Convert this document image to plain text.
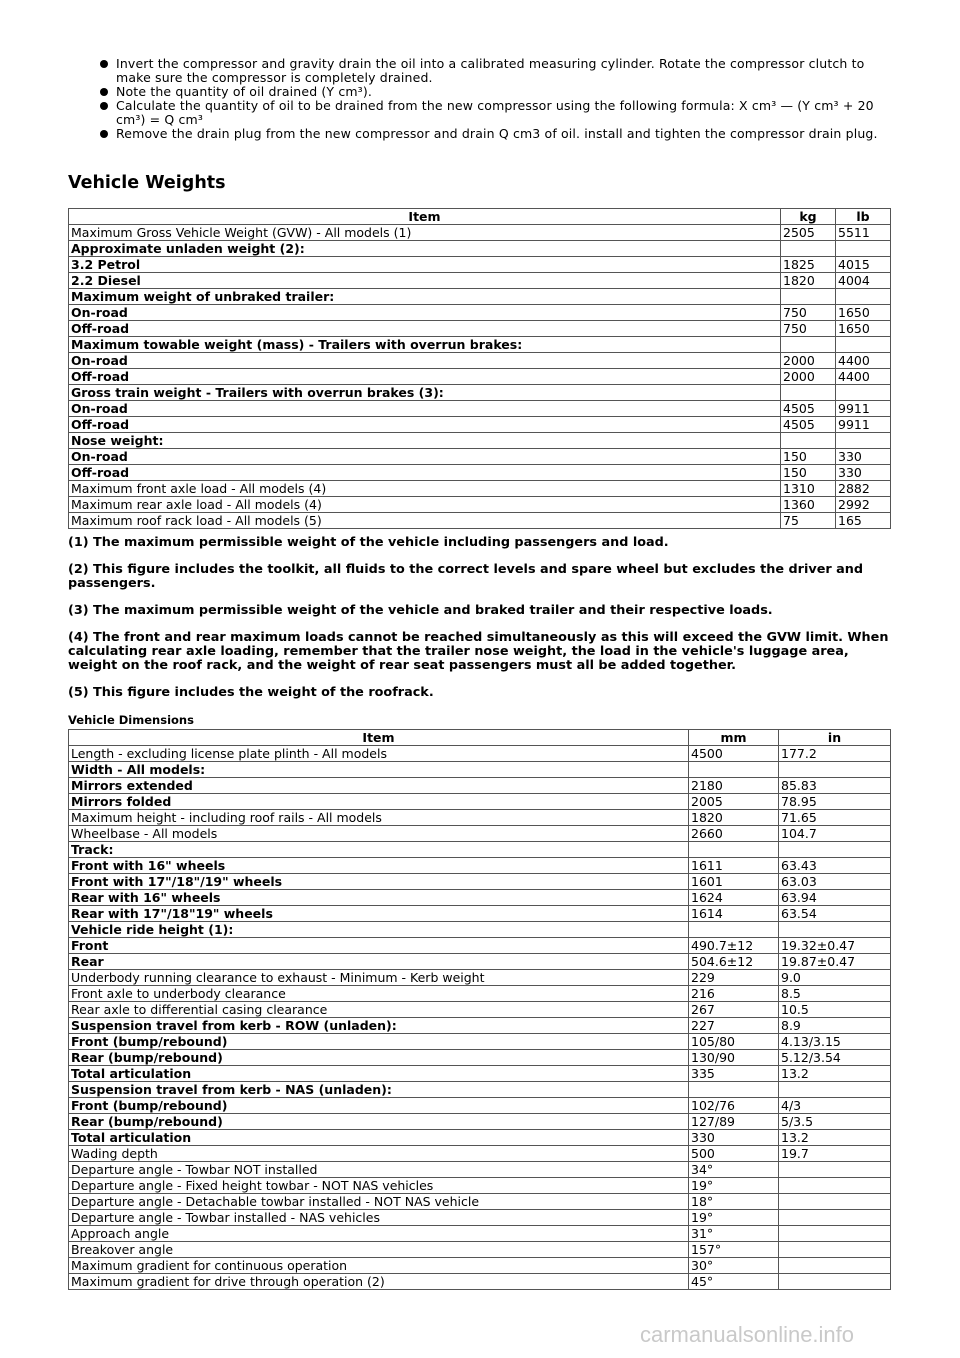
Invert the compressor and gravity drain the oil into a calibrated measuring cylinder. Rotate the compressor clutch to make sure the compressor is completely drained.
Note the quantity of oil drained (Y cm³).
Calculate the quantity of oil to be drained from the new compressor using the following formula: X cm³ — (Y cm³ + 20 cm³) = Q cm³
Remove the drain plug from the new compressor and drain Q cm3 of oil. install and tighten the compressor drain plug.
Vehicle Weights
Item	kg	lb
Maximum Gross Vehicle Weight (GVW) - All models (1)	2505	5511
Approximate unladen weight (2):		
3.2 Petrol	1825	4015
2.2 Diesel	1820	4004
Maximum weight of unbraked trailer:		
On-road	750	1650
Off-road	750	1650
Maximum towable weight (mass) - Trailers with overrun brakes:		
On-road	2000	4400
Off-road	2000	4400
Gross train weight - Trailers with overrun brakes (3):		
On-road	4505	9911
Off-road	4505	9911
Nose weight:		
On-road	150	330
Off-road	150	330
Maximum front axle load - All models (4)	1310	2882
Maximum rear axle load - All models (4)	1360	2992
Maximum roof rack load - All models (5)	75	165

(1) The maximum permissible weight of the vehicle including passengers and load.

(2) This figure includes the toolkit, all fluids to the correct levels and spare wheel but excludes the driver and passengers.

(3) The maximum permissible weight of the vehicle and braked trailer and their respective loads.

(4) The front and rear maximum loads cannot be reached simultaneously as this will exceed the GVW limit. When calculating rear axle loading, remember that the trailer nose weight, the load in the vehicle's luggage area, weight on the roof rack, and the weight of rear seat passengers must all be added together.

(5) This figure includes the weight of the roofrack.

Vehicle Dimensions
Item	mm	in
Length - excluding license plate plinth - All models	4500	177.2
Width - All models:		
Mirrors extended	2180	85.83
Mirrors folded	2005	78.95
Maximum height - including roof rails - All models	1820	71.65
Wheelbase - All models	2660	104.7
Track:		
Front with 16" wheels	1611	63.43
Front with 17"/18"/19" wheels	1601	63.03
Rear with 16" wheels	1624	63.94
Rear with 17"/18"19" wheels	1614	63.54
Vehicle ride height (1):		
Front	490.7±12	19.32±0.47
Rear	504.6±12	19.87±0.47
Underbody running clearance to exhaust - Minimum - Kerb weight	229	9.0
Front axle to underbody clearance	216	8.5
Rear axle to differential casing clearance	267	10.5
Suspension travel from kerb - ROW (unladen):	227	8.9
Front (bump/rebound)	105/80	4.13/3.15
Rear (bump/rebound)	130/90	5.12/3.54
Total articulation	335	13.2
Suspension travel from kerb - NAS (unladen):		
Front (bump/rebound)	102/76	4/3
Rear (bump/rebound)	127/89	5/3.5
Total articulation	330	13.2
Wading depth	500	19.7
Departure angle - Towbar NOT installed	34°	
Departure angle - Fixed height towbar - NOT NAS vehicles	19°	
Departure angle - Detachable towbar installed - NOT NAS vehicle	18°	
Departure angle - Towbar installed - NAS vehicles	19°	
Approach angle	31°	
Breakover angle	157°	
Maximum gradient for continuous operation	30°	
Maximum gradient for drive through operation (2)	45°	
carmanualsonline.info
